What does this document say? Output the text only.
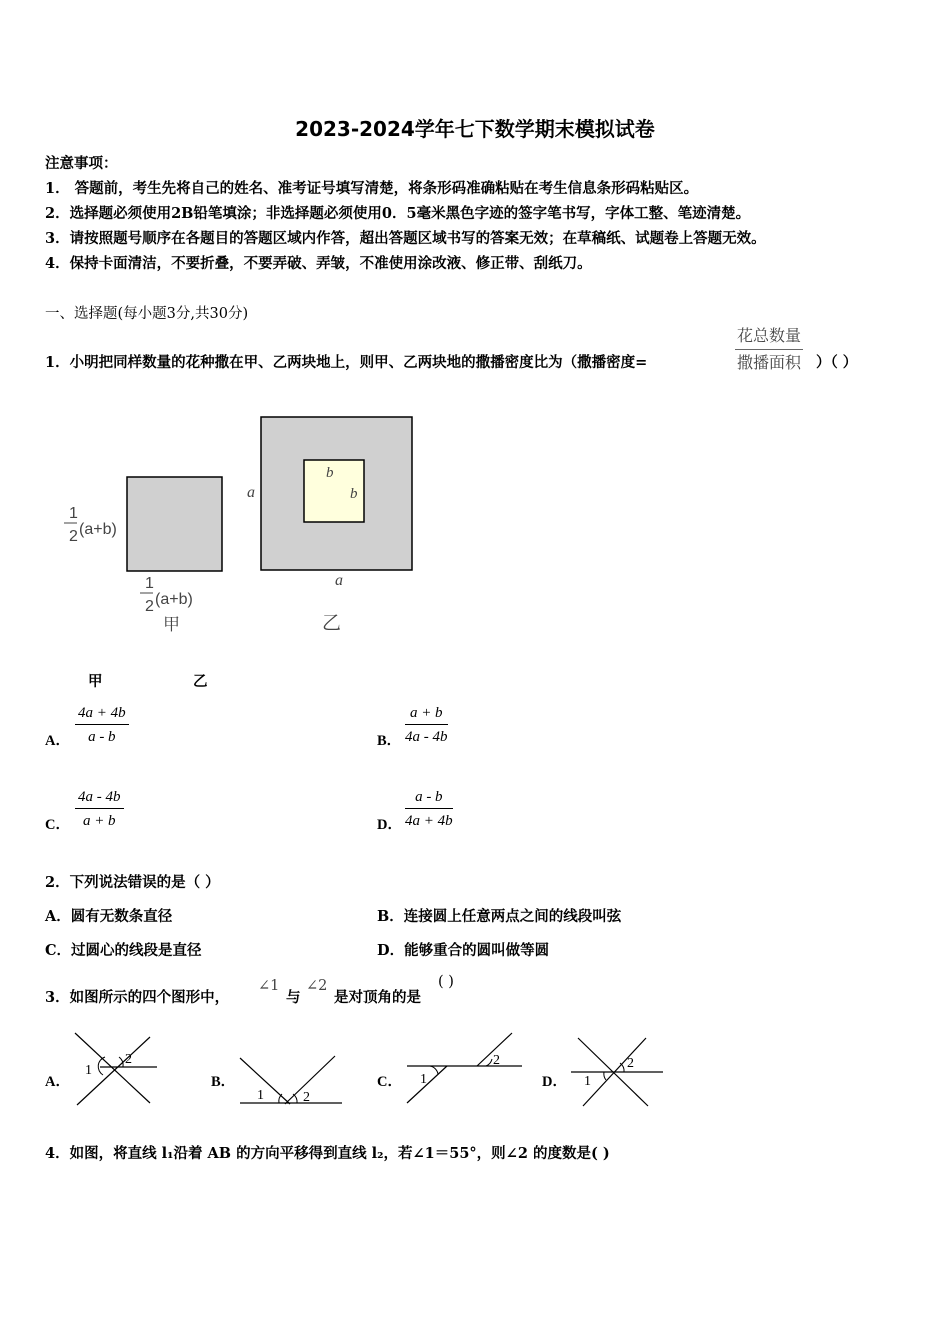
2023-2024学年七下数学期末模拟试卷
注意事项：
1． 答题前，考生先将自己的姓名、准考证号填写清楚，将条形码准确粘贴在考生信息条形码粘贴区。
2．选择题必须使用2B铅笔填涂；非选择题必须使用0．5毫米黑色字迹的签字笔书写，字体工整、笔迹清楚。
3．请按照题号顺序在各题目的答题区域内作答，超出答题区域书写的答案无效；在草稿纸、试题卷上答题无效。
4．保持卡面清洁，不要折叠，不要弄破、弄皱，不准使用涂改液、修正带、刮纸刀。
一、选择题(每小题3分,共30分)
1．小明把同样数量的花种撒在甲、乙两块地上，则甲、乙两块地的撒播密度比为（撒播密度=
花总数量
撒播面积 ）（ ）
1
2 (a+b)
1
2 (a+b)
甲	乙
a
a
b
b
甲	乙
A． $\frac{4a + 4b}{a - b}$	B． $\frac{a + b}{4a - 4b}$
C． $\frac{4a - 4b}{a + b}$	D． $\frac{a - b}{4a + 4b}$
2．下列说法错误的是（ ）
A．圆有无数条直径	B．连接圆上任意两点之间的线段叫弦
C．过圆心的线段是直径	D．能够重合的圆叫做等圆
3．如图所示的四个图形中，
∠1
与
∠2
是对顶角的是
( )
A．	B．	C．	D．
1
2
1	2
1
2
1
2
4．如图，将直线 l₁沿着 AB 的方向平移得到直线 l₂，若∠1＝55°，则∠2 的度数是( )
